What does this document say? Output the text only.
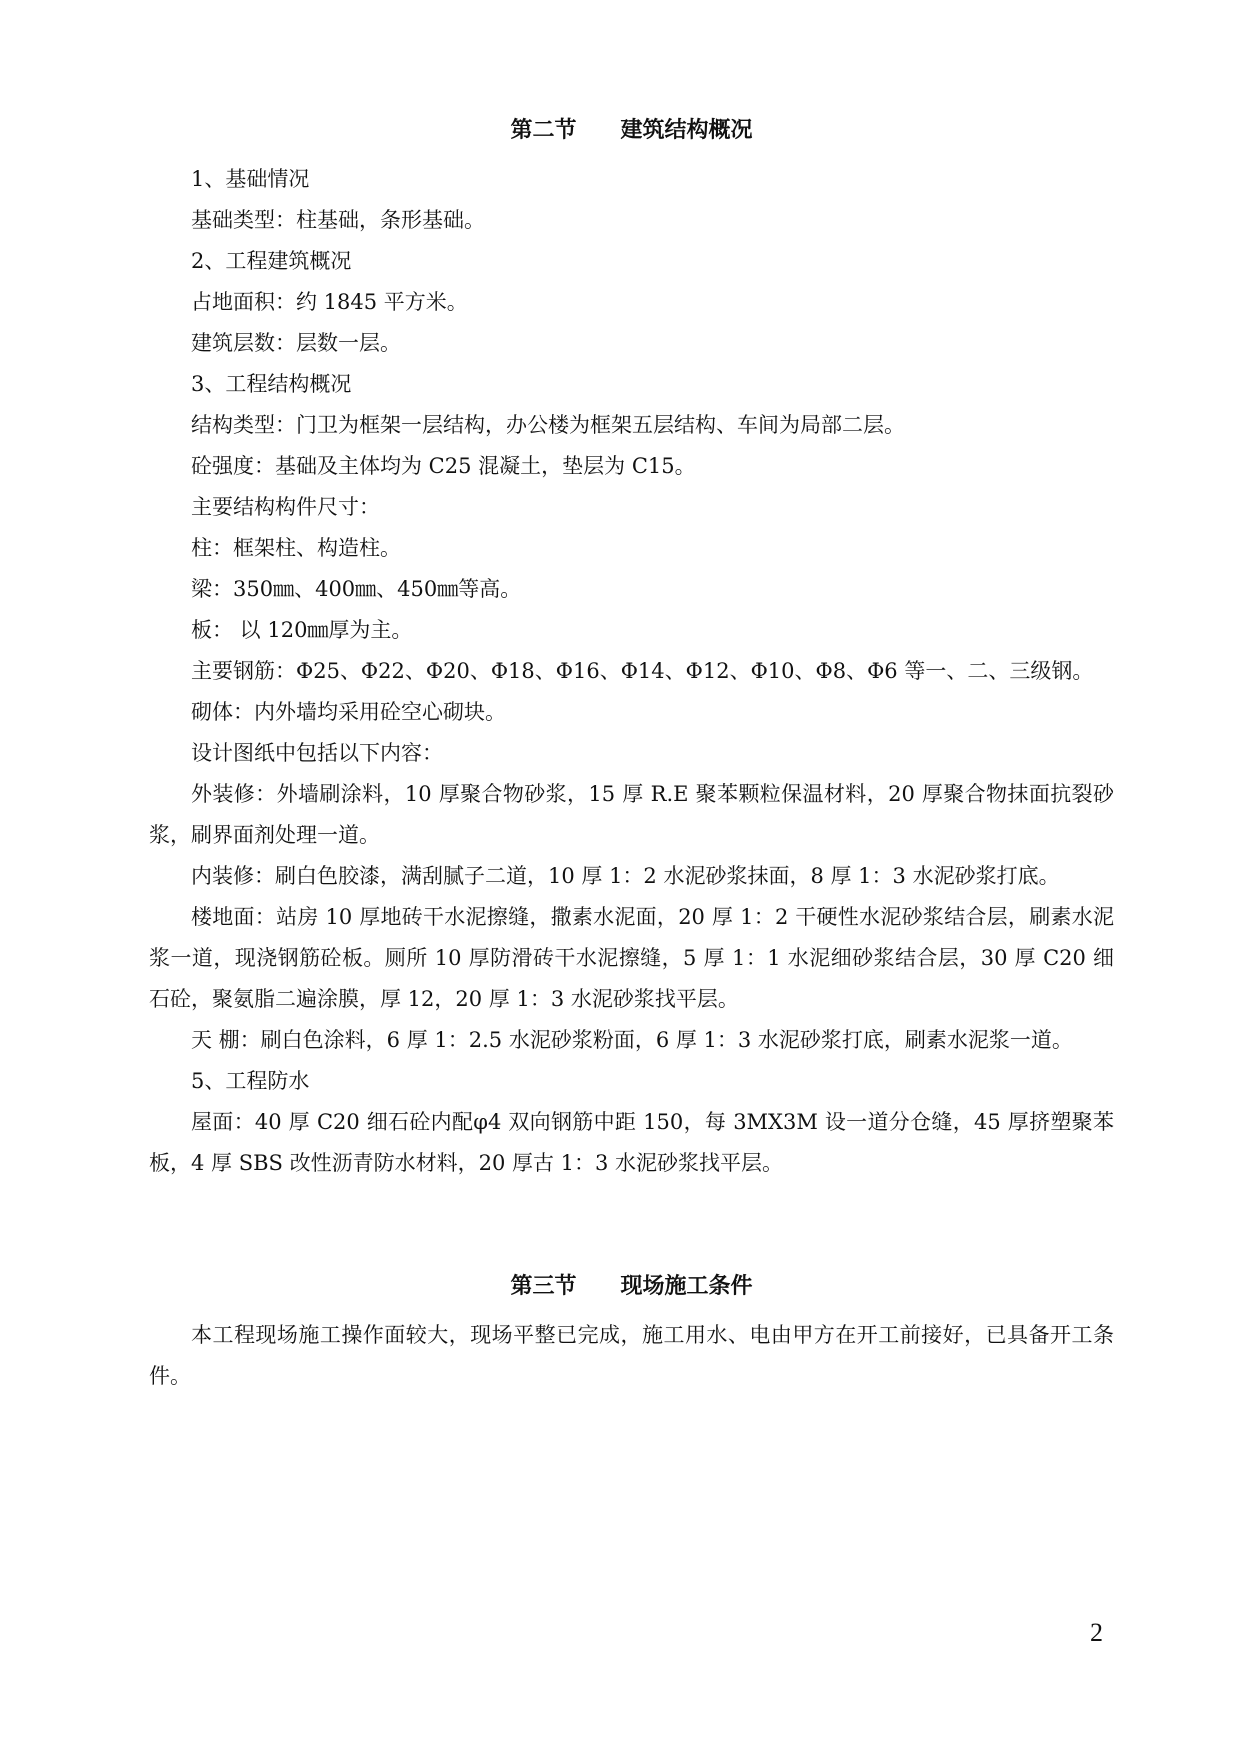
第二节　　建筑结构概况

1、基础情况

基础类型：柱基础，条形基础。

2、工程建筑概况

占地面积：约 1845 平方米。

建筑层数：层数一层。

3、工程结构概况

结构类型：门卫为框架一层结构，办公楼为框架五层结构、车间为局部二层。

砼强度：基础及主体均为 C25 混凝土，垫层为 C15。

主要结构构件尺寸：

柱：框架柱、构造柱。

梁：350㎜、400㎜、450㎜等高。

板： 以 120㎜厚为主。

主要钢筋：Φ25、Φ22、Φ20、Φ18、Φ16、Φ14、Φ12、Φ10、Φ8、Φ6 等一、二、三级钢。

砌体：内外墙均采用砼空心砌块。

设计图纸中包括以下内容：

外装修：外墙刷涂料，10 厚聚合物砂浆，15 厚 R.E 聚苯颗粒保温材料，20 厚聚合物抹面抗裂砂浆，刷界面剂处理一道。

内装修：刷白色胶漆，满刮腻子二道，10 厚 1：2 水泥砂浆抹面，8 厚 1：3 水泥砂浆打底。

楼地面：站房 10 厚地砖干水泥擦缝，撒素水泥面，20 厚 1：2 干硬性水泥砂浆结合层，刷素水泥浆一道，现浇钢筋砼板。厕所 10 厚防滑砖干水泥擦缝，5 厚 1：1 水泥细砂浆结合层，30 厚 C20 细石砼，聚氨脂二遍涂膜，厚 12，20 厚 1：3 水泥砂浆找平层。

天 棚：刷白色涂料，6 厚 1：2.5 水泥砂浆粉面，6 厚 1：3 水泥砂浆打底，刷素水泥浆一道。

5、工程防水

屋面：40 厚 C20 细石砼内配φ4 双向钢筋中距 150，每 3MX3M 设一道分仓缝，45 厚挤塑聚苯板，4 厚 SBS 改性沥青防水材料，20 厚古 1：3 水泥砂浆找平层。

第三节　　现场施工条件

本工程现场施工操作面较大，现场平整已完成，施工用水、电由甲方在开工前接好，已具备开工条件。

2
